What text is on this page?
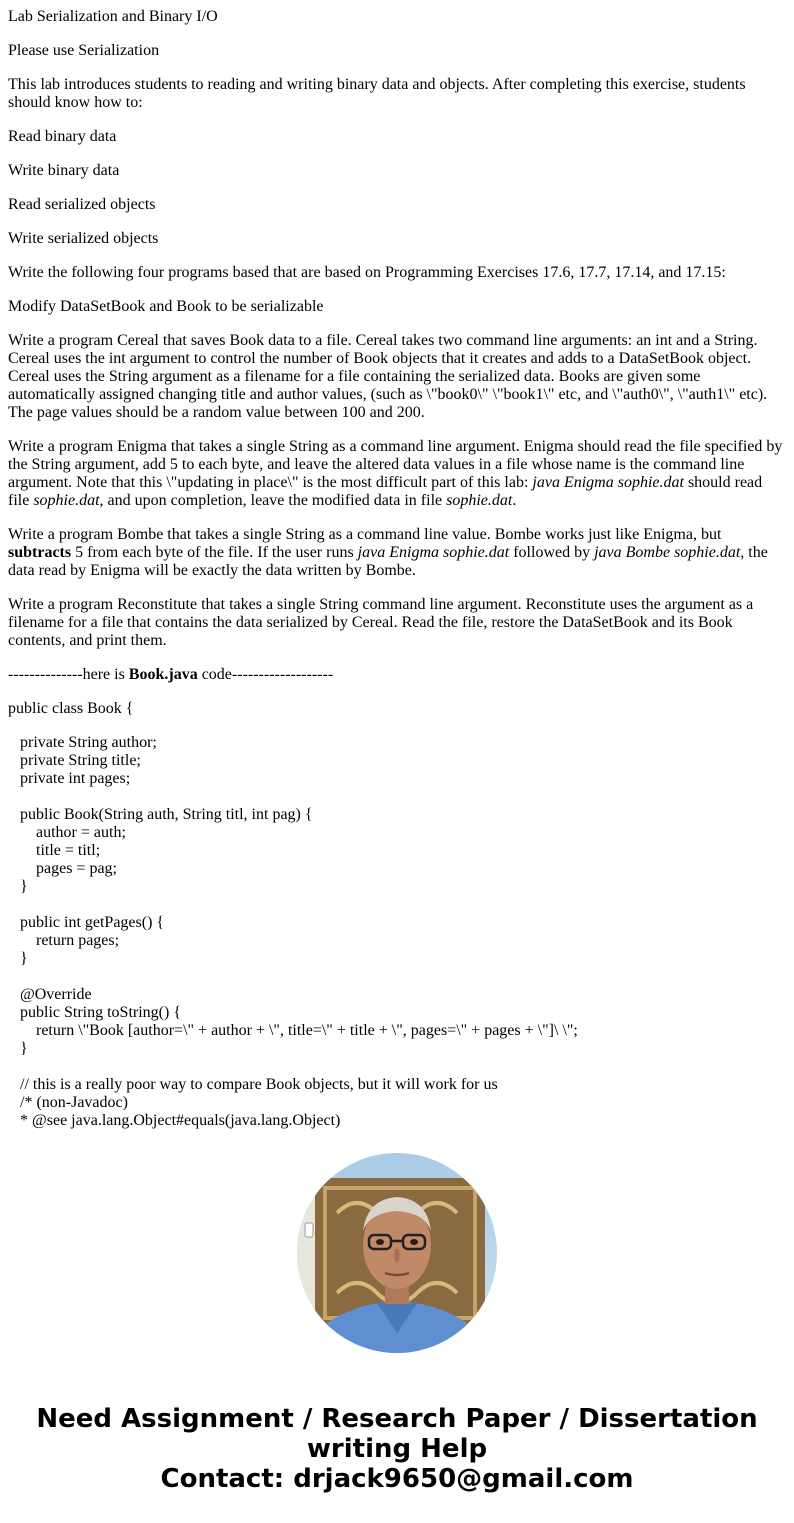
Lab Serialization and Binary I/O

Please use Serialization

This lab introduces students to reading and writing binary data and objects. After completing this exercise, students should know how to:

Read binary data

Write binary data

Read serialized objects

Write serialized objects

Write the following four programs based that are based on Programming Exercises 17.6, 17.7, 17.14, and 17.15:

Modify DataSetBook and Book to be serializable

Write a program Cereal that saves Book data to a file. Cereal takes two command line arguments: an int and a String. Cereal uses the int argument to control the number of Book objects that it creates and adds to a DataSetBook object. Cereal uses the String argument as a filename for a file containing the serialized data. Books are given some automatically assigned changing title and author values, (such as \"book0\" \"book1\" etc, and \"auth0\", \"auth1\" etc). The page values should be a random value between 100 and 200.

Write a program Enigma that takes a single String as a command line argument. Enigma should read the file specified by the String argument, add 5 to each byte, and leave the altered data values in a file whose name is the command line argument. Note that this \"updating in place\" is the most difficult part of this lab: java Enigma sophie.dat should read file sophie.dat, and upon completion, leave the modified data in file sophie.dat.

Write a program Bombe that takes a single String as a command line value. Bombe works just like Enigma, but subtracts 5 from each byte of the file. If the user runs java Enigma sophie.dat followed by java Bombe sophie.dat, the data read by Enigma will be exactly the data written by Bombe.

Write a program Reconstitute that takes a single String command line argument. Reconstitute uses the argument as a filename for a file that contains the data serialized by Cereal. Read the file, restore the DataSetBook and its Book contents, and print them.

--------------here is Book.java code-------------------

public class Book {

private String author;
private String title;
private int pages;
public Book(String auth, String titl, int pag) {
author = auth;
title = titl;
pages = pag;
}
public int getPages() {
return pages;
}
@Override
public String toString() {
return \"Book [author=\" + author + \", title=\" + title + \", pages=\" + pages + \"]\ \";
}
// this is a really poor way to compare Book objects, but it will work for us
/* (non-Javadoc)
* @see java.lang.Object#equals(java.lang.Object)
Need Assignment / Research Paper / Dissertation
writing Help
Contact: drjack9650@gmail.com
